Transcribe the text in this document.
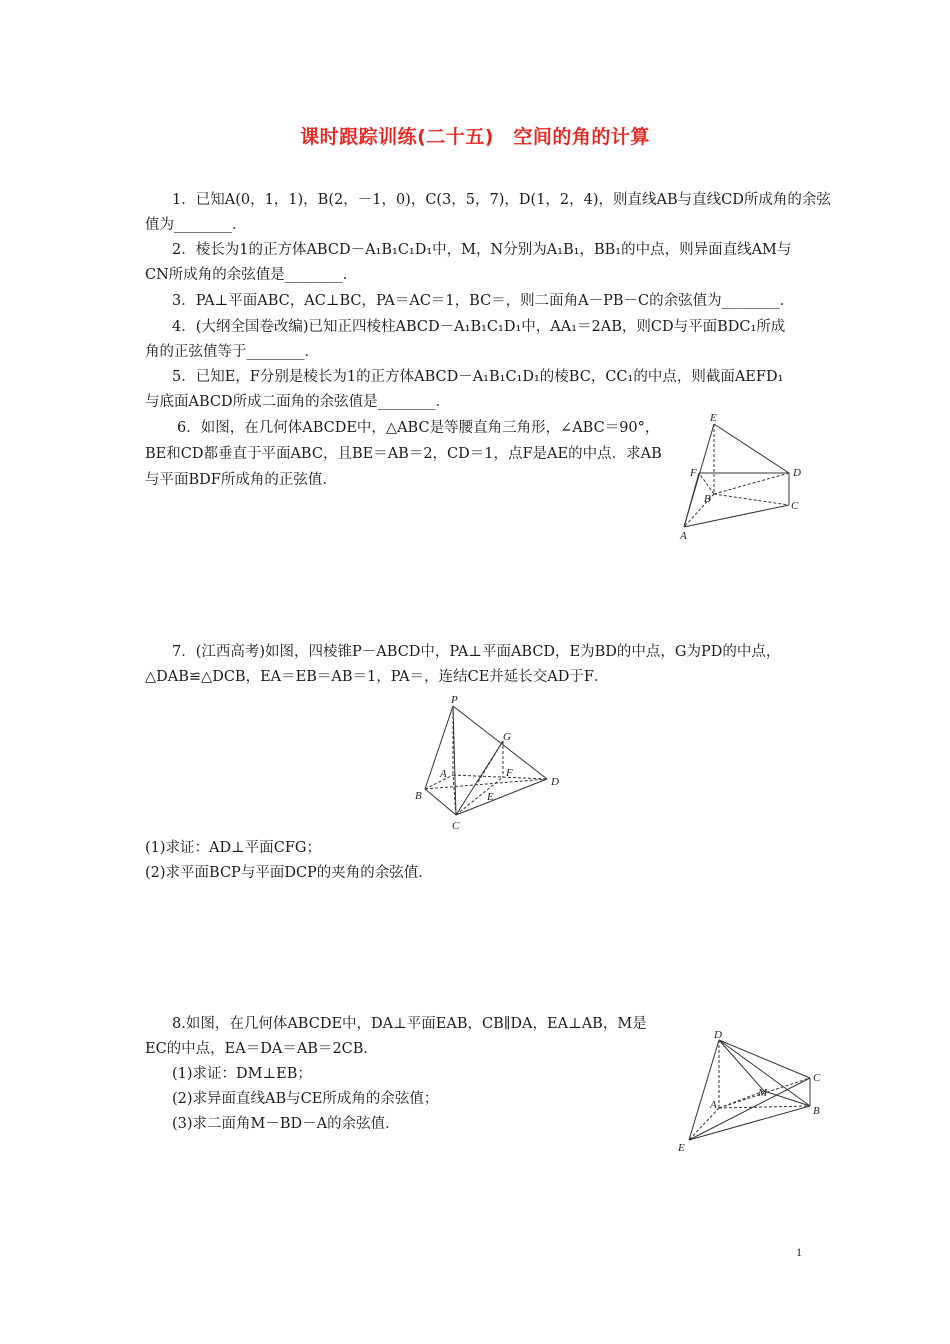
课时跟踪训练(二十五)　空间的角的计算
1．已知A(0，1，1)，B(2，－1，0)，C(3，5，7)，D(1，2，4)，则直线AB与直线CD所成角的余弦
值为________．
2．棱长为1的正方体ABCD－A₁B₁C₁D₁中，M，N分别为A₁B₁，BB₁的中点，则异面直线AM与
CN所成角的余弦值是________．
3．PA⊥平面ABC，AC⊥BC，PA＝AC＝1，BC＝，则二面角A－PB－C的余弦值为________．
4．(大纲全国卷改编)已知正四棱柱ABCD－A₁B₁C₁D₁中，AA₁＝2AB，则CD与平面BDC₁所成
角的正弦值等于________．
5．已知E，F分别是棱长为1的正方体ABCD－A₁B₁C₁D₁的棱BC，CC₁的中点，则截面AEFD₁
与底面ABCD所成二面角的余弦值是________．

6．如图，在几何体ABCDE中，△ABC是等腰直角三角形，∠ABC＝90°，BE和CD都垂直于平面ABC，且BE＝AB＝2，CD＝1，点F是AE的中点．求AB与平面BDF所成角的正弦值．

E
F	D
B
C
A
7．(江西高考)如图，四棱锥P－ABCD中，PA⊥平面ABCD，E为BD的中点，G为PD的中点，
△DAB≌△DCB，EA＝EB＝AB＝1，PA＝，连结CE并延长交AD于F．
P
G
A	F
D
B	E
C
(1)求证：AD⊥平面CFG；
(2)求平面BCP与平面DCP的夹角的余弦值．
8.如图，在几何体ABCDE中，DA⊥平面EAB，CB∥DA，EA⊥AB，M是
EC的中点，EA＝DA＝AB＝2CB．
(1)求证：DM⊥EB；
(2)求异面直线AB与CE所成角的余弦值；
(3)求二面角M－BD－A的余弦值．
D
C
M
A	B
E
1
